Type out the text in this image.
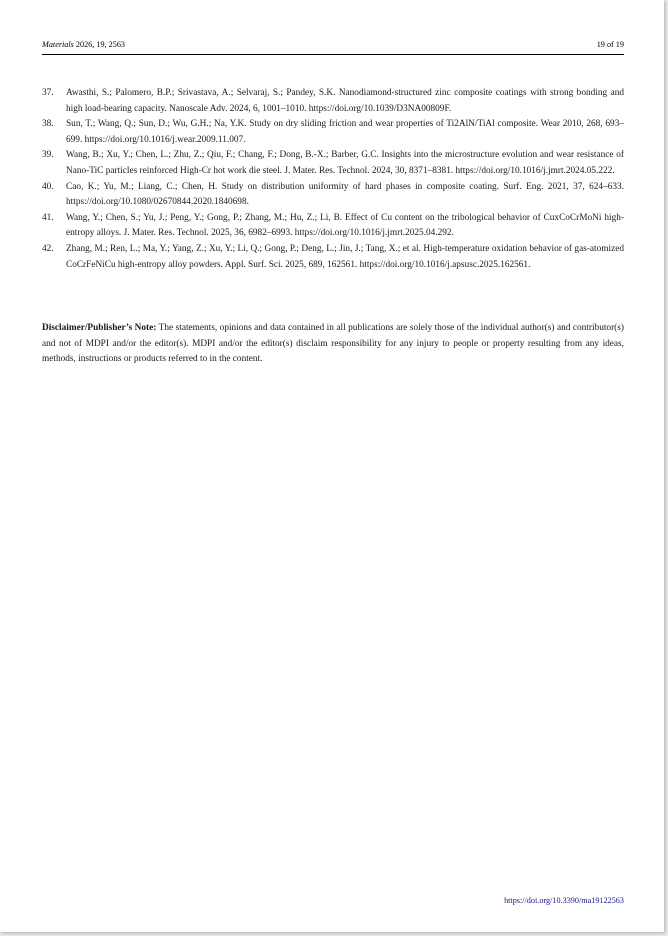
Materials 2026, 19, 2563	19 of 19
37. Awasthi, S.; Palomero, B.P.; Srivastava, A.; Selvaraj, S.; Pandey, S.K. Nanodiamond-structured zinc composite coatings with strong bonding and high load-bearing capacity. Nanoscale Adv. 2024, 6, 1001–1010. https://doi.org/10.1039/D3NA00809F.
38. Sun, T.; Wang, Q.; Sun, D.; Wu, G.H.; Na, Y.K. Study on dry sliding friction and wear properties of Ti2AlN/TiAl composite. Wear 2010, 268, 693–699. https://doi.org/10.1016/j.wear.2009.11.007.
39. Wang, B.; Xu, Y.; Chen, L.; Zhu, Z.; Qiu, F.; Chang, F.; Dong, B.-X.; Barber, G.C. Insights into the microstructure evolution and wear resistance of Nano-TiC particles reinforced High-Cr hot work die steel. J. Mater. Res. Technol. 2024, 30, 8371–8381. https://doi.org/10.1016/j.jmrt.2024.05.222.
40. Cao, K.; Yu, M.; Liang, C.; Chen, H. Study on distribution uniformity of hard phases in composite coating. Surf. Eng. 2021, 37, 624–633. https://doi.org/10.1080/02670844.2020.1840698.
41. Wang, Y.; Chen, S.; Yu, J.; Peng, Y.; Gong, P.; Zhang, M.; Hu, Z.; Li, B. Effect of Cu content on the tribological behavior of CuxCoCrMoNi high-entropy alloys. J. Mater. Res. Technol. 2025, 36, 6982–6993. https://doi.org/10.1016/j.jmrt.2025.04.292.
42. Zhang, M.; Ren, L.; Ma, Y.; Yang, Z.; Xu, Y.; Li, Q.; Gong, P.; Deng, L.; Jin, J.; Tang, X.; et al. High-temperature oxidation behavior of gas-atomized CoCrFeNiCu high-entropy alloy powders. Appl. Surf. Sci. 2025, 689, 162561. https://doi.org/10.1016/j.apsusc.2025.162561.
Disclaimer/Publisher’s Note: The statements, opinions and data contained in all publications are solely those of the individual author(s) and contributor(s) and not of MDPI and/or the editor(s). MDPI and/or the editor(s) disclaim responsibility for any injury to people or property resulting from any ideas, methods, instructions or products referred to in the content.
https://doi.org/10.3390/ma19122563
